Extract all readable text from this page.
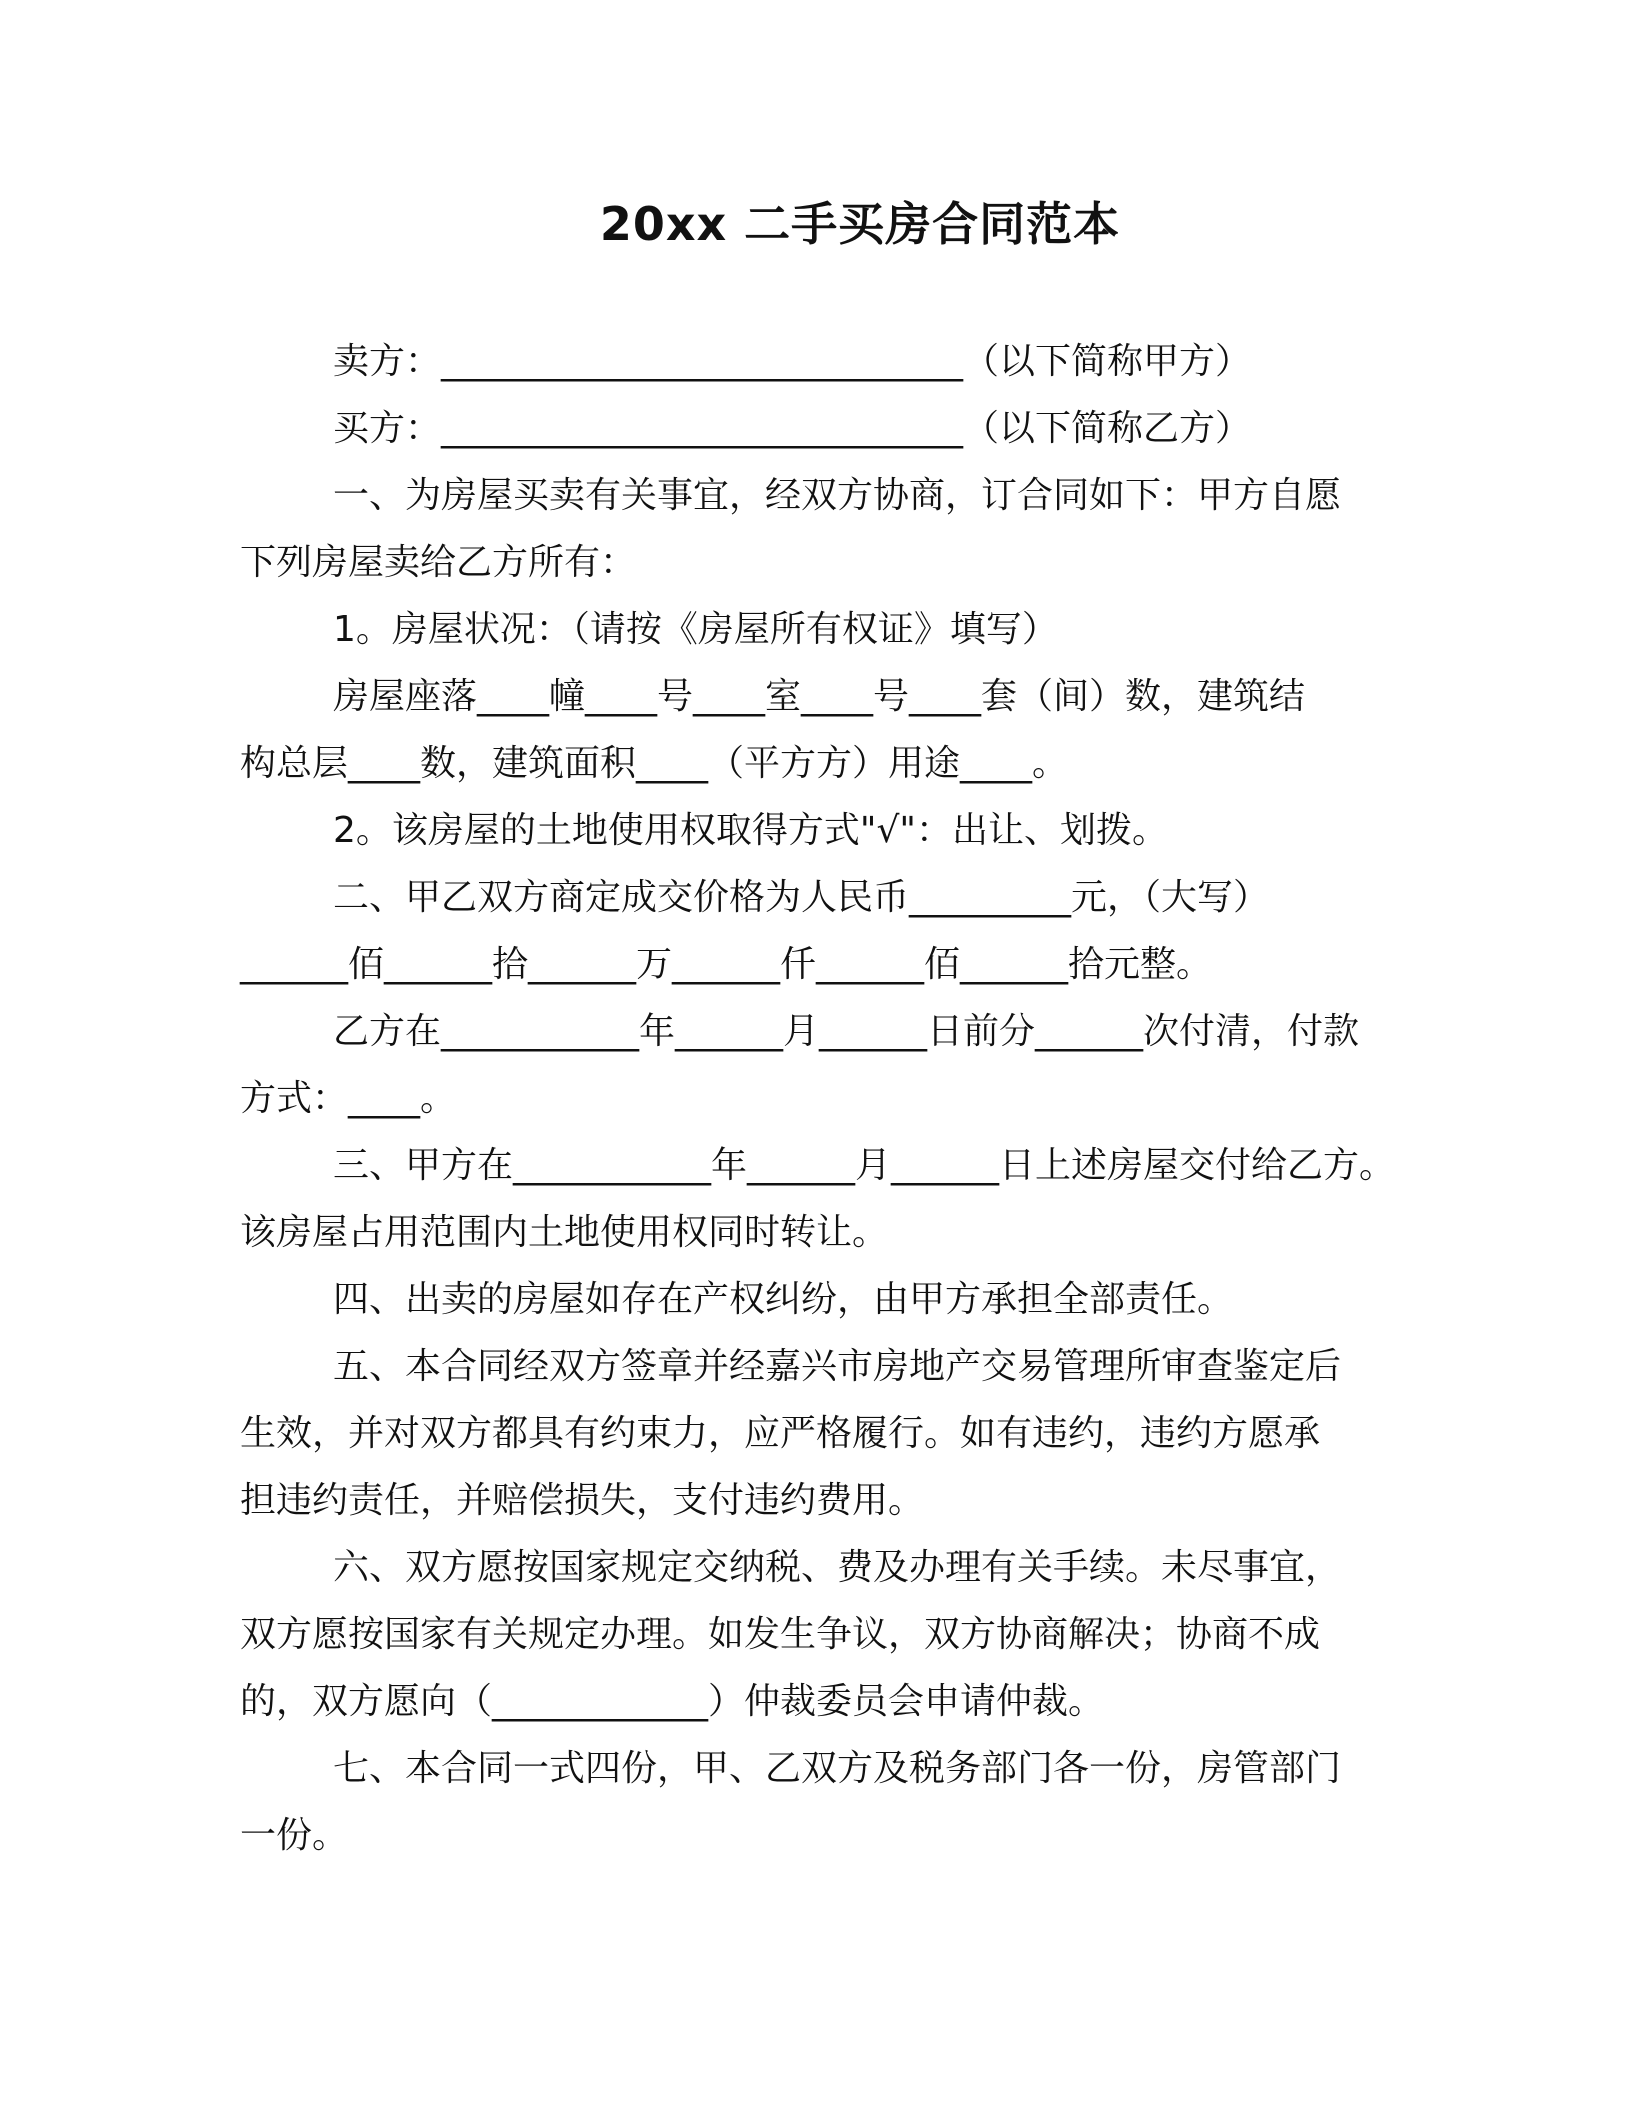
20xx 二手买房合同范本

卖方：_____________________________（以下简称甲方）

买方：_____________________________（以下简称乙方）

一、为房屋买卖有关事宜，经双方协商，订合同如下：甲方自愿

下列房屋卖给乙方所有：

1。房屋状况：（请按《房屋所有权证》填写）

房屋座落____幢____号____室____号____套（间）数，建筑结

构总层____数，建筑面积____（平方方）用途____。

2。该房屋的土地使用权取得方式"√"：出让、划拨。

二、甲乙双方商定成交价格为人民币_________元，（大写）

______佰______拾______万______仟______佰______拾元整。

乙方在___________年______月______日前分______次付清，付款

方式：____。

三、甲方在___________年______月______日上述房屋交付给乙方。

该房屋占用范围内土地使用权同时转让。

四、出卖的房屋如存在产权纠纷，由甲方承担全部责任。

五、本合同经双方签章并经嘉兴市房地产交易管理所审查鉴定后

生效，并对双方都具有约束力，应严格履行。如有违约，违约方愿承

担违约责任，并赔偿损失，支付违约费用。

六、双方愿按国家规定交纳税、费及办理有关手续。未尽事宜，

双方愿按国家有关规定办理。如发生争议，双方协商解决；协商不成

的，双方愿向（____________）仲裁委员会申请仲裁。

七、本合同一式四份，甲、乙双方及税务部门各一份，房管部门

一份。
